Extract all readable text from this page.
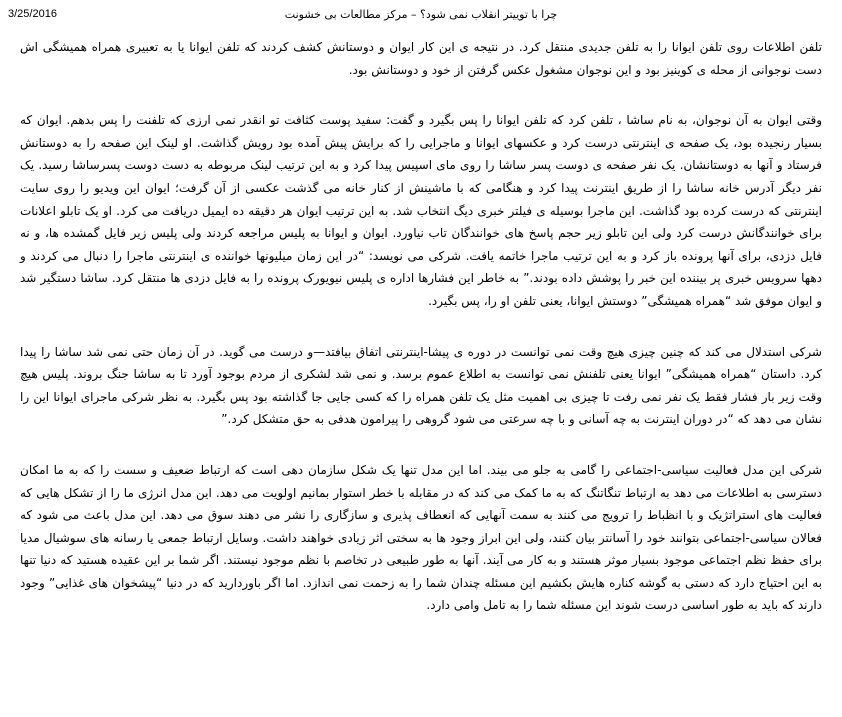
3/25/2016	چرا با توییتر انقلاب نمی شود؟ – مرکز مطالعات بی خشونت

تلفن اطلاعات روی تلفن ایوانا را به تلفن جدیدی منتقل کرد. در نتیجه ی این کار ایوان و دوستانش کشف کردند که تلفن ایوانا یا به تعبیری همراه همیشگی اش دست نوجوانی از محله ی کوینیز بود و این نوجوان مشغول عکس گرفتن از خود و دوستانش بود.

وقتی ایوان به آن نوجوان، به نام ساشا ، تلفن کرد که تلفن ایوانا را پس بگیرد و گفت: سفید پوست کثافت تو انقدر نمی ارزی که تلفنت را پس بدهم. ایوان که بسیار رنجیده بود، یک صفحه ی اینترنتی درست کرد و عکسهای ایوانا و ماجرایی را که برایش پیش آمده بود رویش گذاشت. او لینک این صفحه را به دوستانش فرستاد و آنها به دوستانشان. یک نفر صفحه ی دوست پسر ساشا را روی مای اسپیس پیدا کرد و به این ترتیب لینک مربوطه به دست دوست پسرساشا رسید. یک نفر دیگر آدرس خانه ساشا را از طریق اینترنت پیدا کرد و هنگامی که با ماشینش از کنار خانه می گذشت عکسی از آن گرفت؛ ایوان این ویدیو را روی سایت اینترنتی که درست کرده بود گذاشت. این ماجرا بوسیله ی فیلتر خبری دیگ انتخاب شد. به این ترتیب ایوان هر دقیقه ده ایمیل دریافت می کرد. او یک تابلو اعلانات برای خوانندگانش درست کرد ولی این تابلو زیر حجم پاسخ های خوانندگان تاب نیاورد. ایوان و ایوانا به پلیس مراجعه کردند ولی پلیس زیر فایل گمشده ها، و نه فایل دزدی، برای آنها پرونده باز کرد و به این ترتیب ماجرا خاتمه یافت. شرکی می نویسد: “در این زمان میلیونها خواننده ی اینترنتی ماجرا را دنبال می کردند و دهها سرویس خبری پر بیننده این خبر را پوشش داده بودند.” به خاطر این فشارها اداره ی پلیس نیویورک پرونده را به فایل دزدی ها منتقل کرد. ساشا دستگیر شد و ایوان موفق شد “همراه همیشگی” دوستش ایوانا، یعنی تلفن او را، پس بگیرد.

شرکی استدلال می کند که چنین چیزی هیچ وقت نمی توانست در دوره ی پیشا-اینترنتی اتفاق بیافتد—و درست می گوید. در آن زمان حتی نمی شد ساشا را پیدا کرد. داستان “همراه همیشگی” ایوانا یعنی تلفنش نمی توانست به اطلاع عموم برسد. و نمی شد لشکری از مردم بوجود آورد تا به ساشا جنگ بروند. پلیس هیچ وقت زیر بار فشار فقط یک نفر نمی رفت تا چیزی بی اهمیت مثل یک تلفن همراه را که کسی جایی جا گذاشته بود پس بگیرد. به نظر شرکی ماجرای ایوانا این را نشان می دهد که “در دوران اینترنت به چه آسانی و با چه سرعتی می شود گروهی را پیرامون هدفی به حق متشکل کرد.”

شرکی این مدل فعالیت سیاسی-اجتماعی را گامی به جلو می بیند. اما این مدل تنها یک شکل سازمان دهی است که ارتباط ضعیف و سست را که به ما امکان دسترسی به اطلاعات می دهد به ارتباط تنگاتنگ که به ما کمک می کند که در مقابله با خطر استوار بمانیم اولویت می دهد. این مدل انرژی ما را از تشکل هایی که فعالیت های استراتژیک و با انظباط را ترویج می کنند به سمت آنهایی که انعطاف پذیری و سازگاری را نشر می دهند سوق می دهد. این مدل باعث می شود که فعالان سیاسی-اجتماعی بتوانند خود را آسانتر بیان کنند، ولی این ابراز وجود ها به سختی اثر زیادی خواهند داشت. وسایل ارتباط جمعی یا رسانه های سوشیال مدیا برای حفظ نظم اجتماعی موجود بسیار موثر هستند و به کار می آیند. آنها به طور طبیعی در تخاصم با نظم موجود نیستند. اگر شما بر این عقیده هستید که دنیا تنها به این احتیاج دارد که دستی به گوشه کناره هایش بکشیم این مسئله چندان شما را به زحمت نمی اندازد. اما اگر باورداريد كه در دنيا “پیشخوان های غذایی” وجود دارند که باید به طور اساسی درست شوند این مسئله شما را به تامل وامی دارد.
